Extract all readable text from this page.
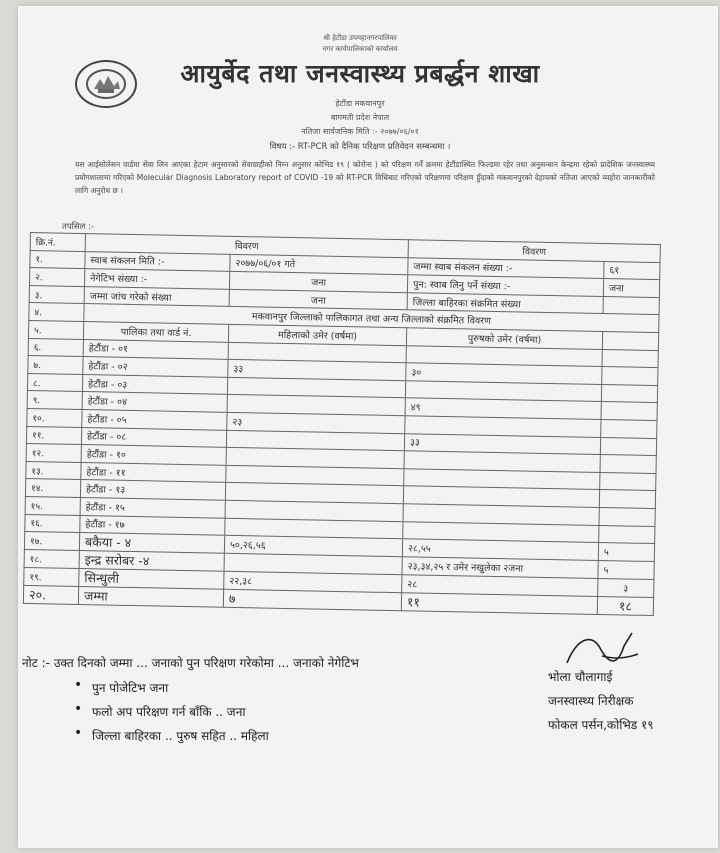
श्री हेटौंडा उपमहानगरपालिका
नगर कार्यपालिकाको कार्यालय
आयुर्बेद तथा जनस्वास्थ्य प्रबर्द्धन शाखा
हेटौंडा मकवानपुर
बागमती प्रदेश नेपाल
नतिजा सार्वजनिक मिति :- २०७७/०६/०१
विषय :- RT-PCR को दैनिक परिक्षण प्रतिवेदन सम्बन्धमा ।
यस आईसोलेसन वार्डमा सेवा लिन आएका हेटाम अनुसारको सेवाग्राहीको निम्न अनुसार कोभिड १९ ( कोरोना ) को परिक्षण गर्ने क्रममा हेटौंडास्थित फिल्डमा रहेर तथा अनुसन्धान केन्द्रमा रहेको प्रादेशिक जनस्वास्थ्य प्रयोगशालामा गरिएको Molecular Diagnosis Laboratory report of COVID -19 को RT-PCR विधिबाट गरिएको परिक्षणमा परिक्षण हुँदाको मकवानपुरको देहायको नतिजा आएको व्यहोरा जानकारीको लागि अनुरोध छ ।
तपसिल :-
क्रि.नं.	विवरण		विवरण	
१.	स्वाब संकलन मिति :-	२०७७/०६/०१ गते	जम्मा स्वाब संकलन संख्या :-	६१
२.	नेगेटिभ संख्या :-	जना	पुन: स्वाब लिनु पर्ने संख्या :-	जना
३.	जम्मा जांच गरेको संख्या	जना	जिल्ला बाहिरका संक्रमित संख्या	
४.	मकवानपुर जिल्लाको पालिकागत तथा अन्य जिल्लाको संक्रमित विवरण			
५.	पालिका तथा वार्ड नं.	महिलाको उमेर (वर्षमा)	पुरुषको उमेर (वर्षमा)	
६.	हेटौंडा - ०१			
७.	हेटौंडा - ०२	३३	३०	
८.	हेटौंडा - ०३			
९.	हेटौंडा - ०४		४९	
१०.	हेटौंडा - ०५	२३		
११.	हेटौंडा - ०८		३३	
१२.	हेटौंडा - १०			
१३.	हेटौंडा - ११			
१४.	हेटौंडा - १३			
१५.	हेटौंडा - १५			
१६.	हेटौंडा - १७			
१७.	बकैया - ४	५०,२६,५६	२८,५५	५
१८.	इन्द्र सरोबर -४		२३,३४,२५ र उमेर नखुलेका २जना	५
१९.	सिन्धुली	२२,३८	२८	३
२०.	जम्मा	७	११	१८
नोट :- उक्त दिनको जम्मा ... जनाको पुन परिक्षण गरेकोमा ... जनाको नेगेटिभ
• पुन पोजेटिभ जना
• फलो अप परिक्षण गर्न बाँकि .. जना
• जिल्ला बाहिरका .. पुरुष सहित .. महिला
भोला चौलागाई
जनस्वास्थ्य निरीक्षक
फोकल पर्सन,कोभिड १९
